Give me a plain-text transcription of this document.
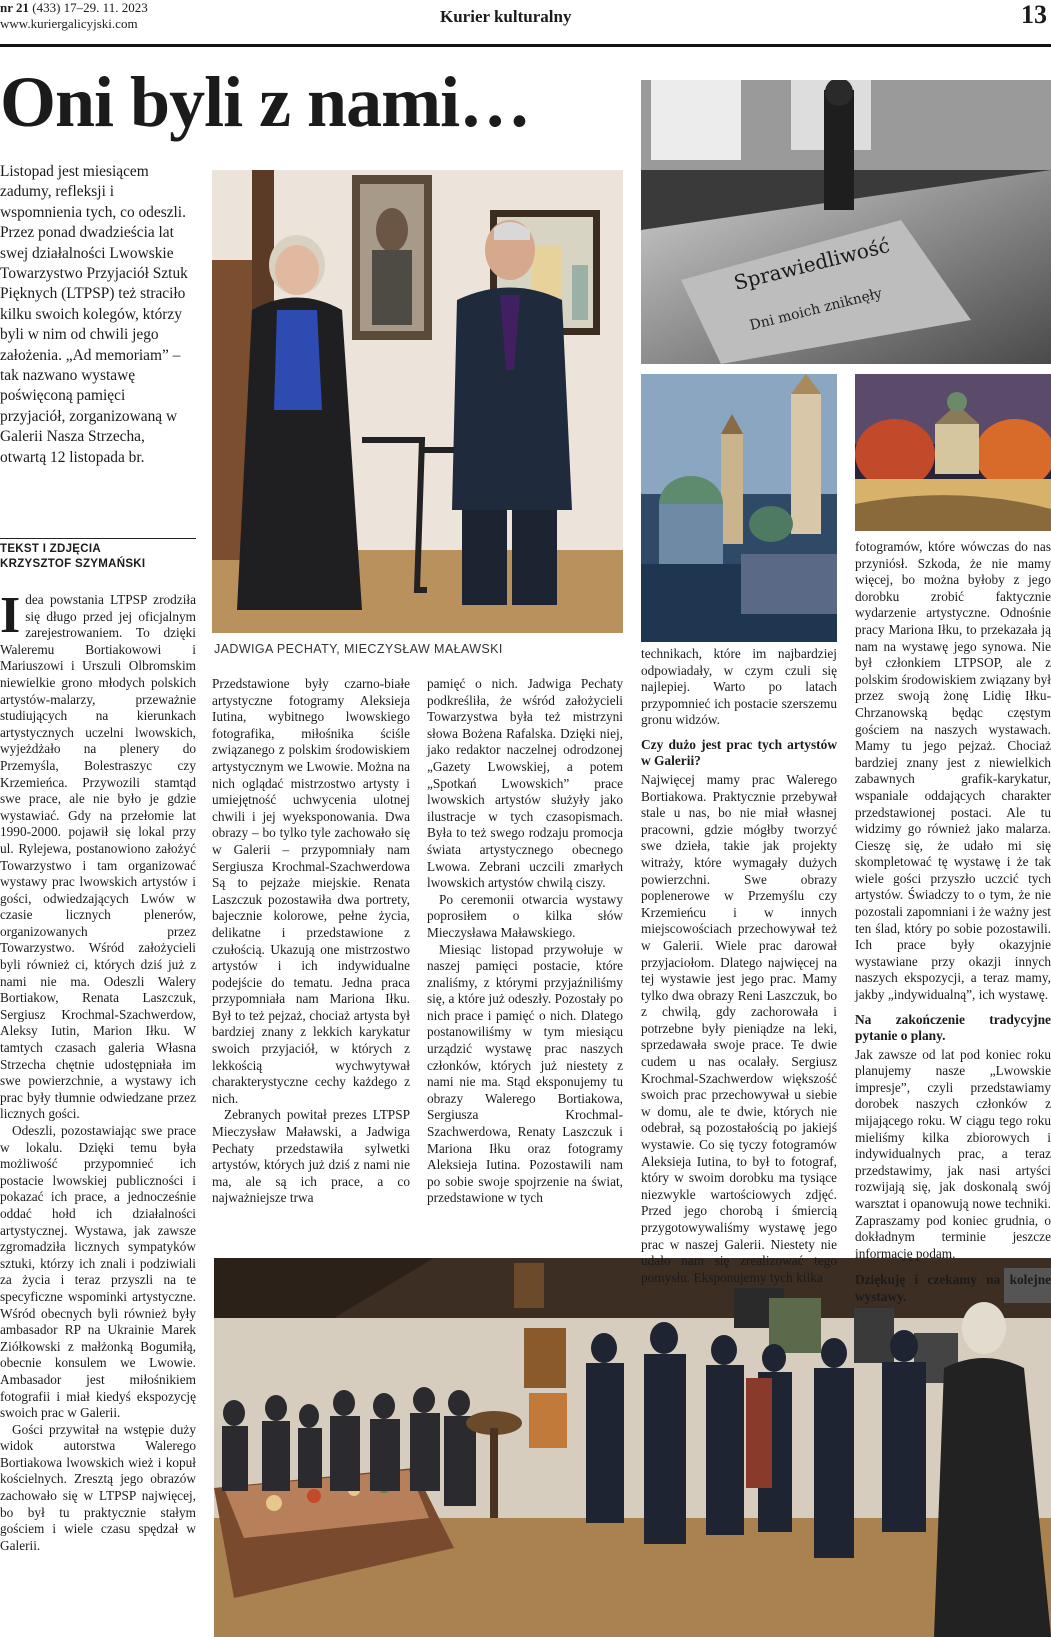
nr 21 (433) 17–29. 11. 2023
www.kuriergalicyjski.com	Kurier kulturalny	13
Oni byli z nami…
Listopad jest miesiącem zadumy, refleksji i wspomnienia tych, co odeszli. Przez ponad dwadzieścia lat swej działalności Lwowskie Towarzystwo Przyjaciół Sztuk Pięknych (LTPSP) też straciło kilku swoich kolegów, którzy byli w nim od chwili jego założenia. „Ad memoriam” – tak nazwano wystawę poświęconą pamięci przyjaciół, zorganizowaną w Galerii Nasza Strzecha, otwartą 12 listopada br.
TEKST I ZDJĘCIA
KRZYSZTOF SZYMAŃSKI
JADWIGA PECHATY, MIECZYSŁAW MAŁAWSKI
Sprawiedliwość
Dni moich zniknęły

Idea powstania LTPSP zrodziła się długo przed jej oficjalnym zarejestrowaniem. To dzięki Waleremu Bortiakowowi i Mariuszowi i Urszuli Olbromskim niewielkie grono młodych polskich artystów-malarzy, przeważnie studiujących na kierunkach artystycznych uczelni lwowskich, wyjeżdżało na plenery do Przemyśla, Bolestraszyc czy Krzemieńca. Przywozili stamtąd swe prace, ale nie było je gdzie wystawiać. Gdy na przełomie lat 1990-2000. pojawił się lokal przy ul. Rylejewa, postanowiono założyć Towarzystwo i tam organizować wystawy prac lwowskich artystów i gości, odwiedzających Lwów w czasie licznych plenerów, organizowanych przez Towarzystwo. Wśród założycieli byli również ci, których dziś już z nami nie ma. Odeszli Walery Bortiakow, Renata Laszczuk, Sergiusz Krochmal-Szachwerdow, Aleksy Iutin, Marion Iłku. W tamtych czasach galeria Własna Strzecha chętnie udostępniała im swe powierzchnie, a wystawy ich prac były tłumnie odwiedzane przez licznych gości.

Odeszli, pozostawiając swe prace w lokalu. Dzięki temu była możliwość przypomnieć ich postacie lwowskiej publiczności i pokazać ich prace, a jednocześnie oddać hołd ich działalności artystycznej. Wystawa, jak zawsze zgromadziła licznych sympatyków sztuki, którzy ich znali i podziwiali za życia i teraz przyszli na te specyficzne wspominki artystyczne. Wśród obecnych byli również były ambasador RP na Ukrainie Marek Ziółkowski z małżonką Bogumiłą, obecnie konsulem we Lwowie. Ambasador jest miłośnikiem fotografii i miał kiedyś ekspozycję swoich prac w Galerii.

Gości przywitał na wstępie duży widok autorstwa Walerego Bortiakowa lwowskich wież i kopuł kościelnych. Zresztą jego obrazów zachowało się w LTPSP najwięcej, bo był tu praktycznie stałym gościem i wiele czasu spędzał w Galerii.

Przedstawione były czarno-białe artystyczne fotogramy Aleksieja Iutina, wybitnego lwowskiego fotografika, miłośnika ściśle związanego z polskim środowiskiem artystycznym we Lwowie. Można na nich oglądać mistrzostwo artysty i umiejętność uchwycenia ulotnej chwili i jej wyeksponowania. Dwa obrazy – bo tylko tyle zachowało się w Galerii – przypomniały nam Sergiusza Krochmal-Szachwerdowa Są to pejzaże miejskie. Renata Laszczuk pozostawiła dwa portrety, bajecznie kolorowe, pełne życia, delikatne i przedstawione z czułością. Ukazują one mistrzostwo artystów i ich indywidualne podejście do tematu. Jedna praca przypomniała nam Mariona Iłku. Był to też pejzaż, chociaż artysta był bardziej znany z lekkich karykatur swoich przyjaciół, w których z lekkością wychwytywał charakterystyczne cechy każdego z nich.

Zebranych powitał prezes LTPSP Mieczysław Maławski, a Jadwiga Pechaty przedstawiła sylwetki artystów, których już dziś z nami nie ma, ale są ich prace, a co najważniejsze trwa

pamięć o nich. Jadwiga Pechaty podkreśliła, że wśród założycieli Towarzystwa była też mistrzyni słowa Bożena Rafalska. Dzięki niej, jako redaktor naczelnej odrodzonej „Gazety Lwowskiej, a potem „Spotkań Lwowskich” prace lwowskich artystów służyły jako ilustracje w tych czasopismach. Była to też swego rodzaju promocja świata artystycznego obecnego Lwowa. Zebrani uczcili zmarłych lwowskich artystów chwilą ciszy.

Po ceremonii otwarcia wystawy poprosiłem o kilka słów Mieczysława Maławskiego.

Miesiąc listopad przywołuje w naszej pamięci postacie, które znaliśmy, z którymi przyjaźniliśmy się, a które już odeszły. Pozostały po nich prace i pamięć o nich. Dlatego postanowiliśmy w tym miesiącu urządzić wystawę prac naszych członków, których już niestety z nami nie ma. Stąd eksponujemy tu obrazy Walerego Bortiakowa, Sergiusza Krochmal-Szachwerdowa, Renaty Laszczuk i Mariona Iłku oraz fotogramy Aleksieja Iutina. Pozostawili nam po sobie swoje spojrzenie na świat, przedstawione w tych

technikach, które im najbardziej odpowiadały, w czym czuli się najlepiej. Warto po latach przypomnieć ich postacie szerszemu gronu widzów.

Czy dużo jest prac tych artystów w Galerii?

Najwięcej mamy prac Walerego Bortiakowa. Praktycznie przebywał stale u nas, bo nie miał własnej pracowni, gdzie mógłby tworzyć swe dzieła, takie jak projekty witraży, które wymagały dużych powierzchni. Swe obrazy poplenerowe w Przemyślu czy Krzemieńcu i w innych miejscowościach przechowywał też w Galerii. Wiele prac darował przyjaciołom. Dlatego najwięcej na tej wystawie jest jego prac. Mamy tylko dwa obrazy Reni Laszczuk, bo z chwilą, gdy zachorowała i potrzebne były pieniądze na leki, sprzedawała swoje prace. Te dwie cudem u nas ocalały. Sergiusz Krochmal-Szachwerdow większość swoich prac przechowywał u siebie w domu, ale te dwie, których nie odebrał, są pozostałością po jakiejś wystawie. Co się tyczy fotogramów Aleksieja Iutina, to był to fotograf, który w swoim dorobku ma tysiące niezwykle wartościowych zdjęć. Przed jego chorobą i śmiercią przygotowywaliśmy wystawę jego prac w naszej Galerii. Niestety nie udało nam się zrealizować tego pomysłu. Eksponujemy tych kilka

fotogramów, które wówczas do nas przyniósł. Szkoda, że nie mamy więcej, bo można byłoby z jego dorobku zrobić faktycznie wydarzenie artystyczne. Odnośnie pracy Mariona Iłku, to przekazała ją nam na wystawę jego synowa. Nie był członkiem LTPSOP, ale z polskim środowiskiem związany był przez swoją żonę Lidię Iłku-Chrzanowską będąc częstym gościem na naszych wystawach. Mamy tu jego pejzaż. Chociaż bardziej znany jest z niewielkich zabawnych grafik-karykatur, wspaniale oddających charakter przedstawionej postaci. Ale tu widzimy go również jako malarza. Cieszę się, że udało mi się skompletować tę wystawę i że tak wiele gości przyszło uczcić tych artystów. Świadczy to o tym, że nie pozostali zapomniani i że ważny jest ten ślad, który po sobie pozostawili. Ich prace były okazyjnie wystawiane przy okazji innych naszych ekspozycji, a teraz mamy, jakby „indywidualną”, ich wystawę.

Na zakończenie tradycyjne pytanie o plany.

Jak zawsze od lat pod koniec roku planujemy nasze „Lwowskie impresje”, czyli przedstawiamy dorobek naszych członków z mijającego roku. W ciągu tego roku mieliśmy kilka zbiorowych i indywidualnych prac, a teraz przedstawimy, jak nasi artyści rozwijają się, jak doskonalą swój warsztat i opanowują nowe techniki. Zapraszamy pod koniec grudnia, o dokładnym terminie jeszcze informację podam.

Dziękuję i czekamy na kolejne wystawy.
